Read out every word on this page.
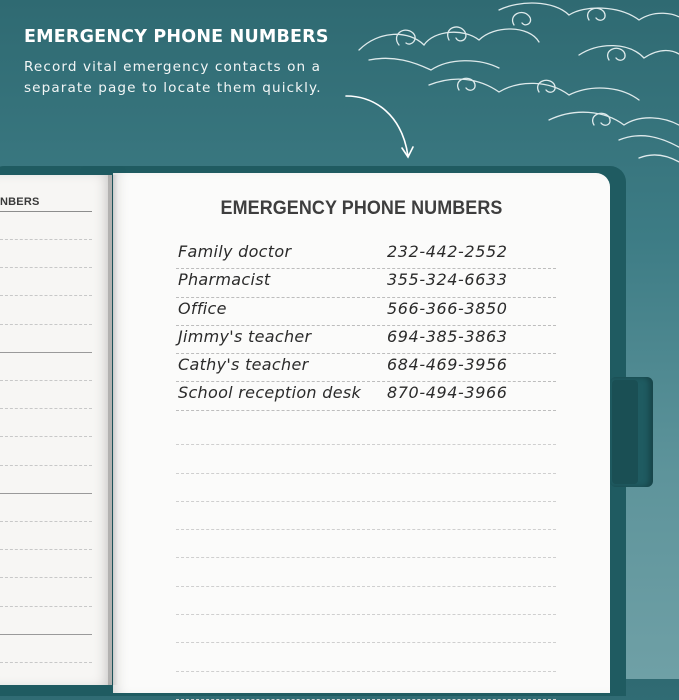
EMERGENCY PHONE NUMBERS
Record vital emergency contacts on a separate page to locate them quickly.
NBERS	EMERGENCY PHONE NUMBERS
Family doctor	232-442-2552
Pharmacist	355-324-6633
Office	566-366-3850
Jimmy's teacher	694-385-3863
Cathy's teacher	684-469-3956
School reception desk 870-494-3966
